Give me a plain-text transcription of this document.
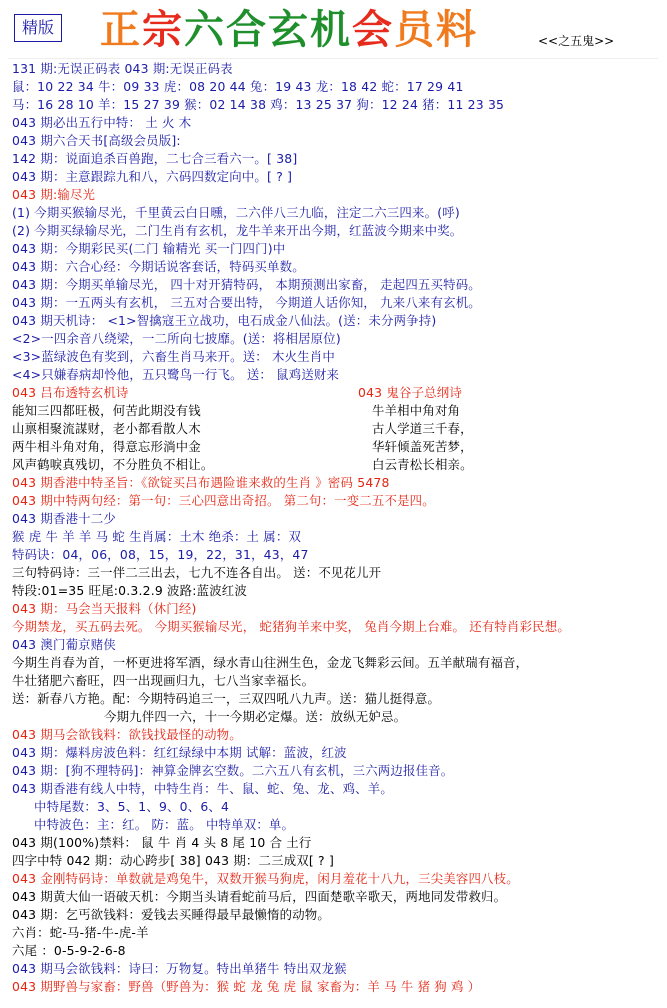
精版 正宗六合玄机会员料	<<之五鬼>>
131 期:无误正码表 043 期:无误正码表
鼠：10 22 34 牛：09 33 虎：08 20 44 兔：19 43 龙：18 42 蛇：17 29 41
马：16 28 10 羊：15 27 39 猴：02 14 38 鸡：13 25 37 狗：12 24 猪：11 23 35
043 期必出五行中特： 土 火 木
043 期六合天书[高级会员版]:
142 期：说面追杀百兽跑，二七合三看六一。[ 38]
043 期：主意跟踪九和八，六码四数定向中。[ ? ]
043 期:输尽光
(1) 今期买猴输尽光，千里黄云白日曛，二六伴八三九临，注定二六三四来。(呼)
(2) 今期买绿输尽光，二门生肖有玄机，龙牛羊来开出今期，红蓝波今期来中奖。
043 期：今期彩民买(二门 输精光 买一门四门)中
043 期：六合心经：今期话说客套话，特码买单数。
043 期：今期买单输尽光， 四十对开猜特码， 本期预测出家畜， 走起四五买特码。
043 期：一五两头有玄机， 三五对合要出特， 今期道人话你知， 九来八来有玄机。
043 期天机诗： <1>智擒寇王立战功，电石成金八仙法。(送：未分两争持)
<2>一四余音八绕梁，一二所向七披靡。(送：将相居原位)
<3>蓝绿波色有奖到，六畜生肖马来开。送： 木火生肖中
<4>只嫌春病却怜他，五只鹭鸟一行飞。 送： 鼠鸡送财来
043 吕布透特玄机诗	043 鬼谷子总纲诗
能知三四都旺极，何苦此期没有钱	牛羊相中角对角
山禀相聚流謀财，老小都看散人木	古人学道三千春，
两牛相斗角对角，得意忘形淌中金	华轩倾盖死苦梦，
风声鹤唳真残切，不分胜负不相让。	白云青松长相亲。
043 期香港中特圣旨：《欲锭买吕布遇险谁来救的生肖 》密码 5478
043 期中特两句经：第一句：三心四意出奇招。 第二句：一变二五不是四。
043 期香港十二少
猴 虎 牛 羊 羊 马 蛇 生肖属：土木 绝杀：土 属：双
特码诀：04，06，08，15，19，22，31，43，47
三句特码诗：三一伴二三出去，七九不连各自出。 送：不见花儿开
特段:01=35 旺尾:0.3.2.9 波路:蓝波红波
043 期：马会当天报料（休门经)
今期禁龙，买五码去死。 今期买猴输尽光， 蛇猪狗羊来中奖， 兔肖今期上台难。 还有特肖彩民想。
043 澳门葡京赌侠
今期生肖春为首，一杯更进将军酒，绿水青山往洲生色，金龙飞舞彩云间。五羊献瑞有福音，
牛壮猪肥六畜旺，四一出现画归九，七八当家幸福长。
送：新春八方艳。配：今期特码追三一，三双四吼八九声。送：猫儿挺得意。
今期九伴四一六，十一今期必定爆。送：放纵无妒忌。
043 期马会欲钱料：欲钱找最怪的动物。
043 期：爆料房波色料：红红绿绿中本期 试解：蓝波，红波
043 期：[狗不理特码]：神算金牌玄空数。二六五八有玄机，三六两边报佳音。
043 期香港有线人中特，中特生肖：牛、鼠、蛇、兔、龙、鸡、羊。
中特尾数：3、5、1、9、0、6、4
中特波色：主：红。 防：蓝。 中特单双：单。
043 期(100%)禁料： 鼠 牛 肖 4 头 8 尾 10 合 土行
四字中特 042 期：动心跨步[ 38] 043 期：二三成双[ ? ]
043 金刚特码诗：单数就是鸡兔牛，双数开猴马狗虎，闲月羞花十八九，三尖美容四八枝。
043 期黄大仙一语破天机：今期当头请看蛇前马后，四面楚歌辛歌天，两地同发带救归。
043 期：乞丐欲钱料：爱钱去买睡得最早最懒惰的动物。
六肖：蛇-马-猪-牛-虎-羊
六尾 ：0-5-9-2-6-8
043 期马会欲钱料：诗曰：万物复。特出单猪牛 特出双龙猴
043 期野兽与家畜：野兽（野兽为：猴 蛇 龙 兔 虎 鼠 家畜为：羊 马 牛 猪 狗 鸡 ）
